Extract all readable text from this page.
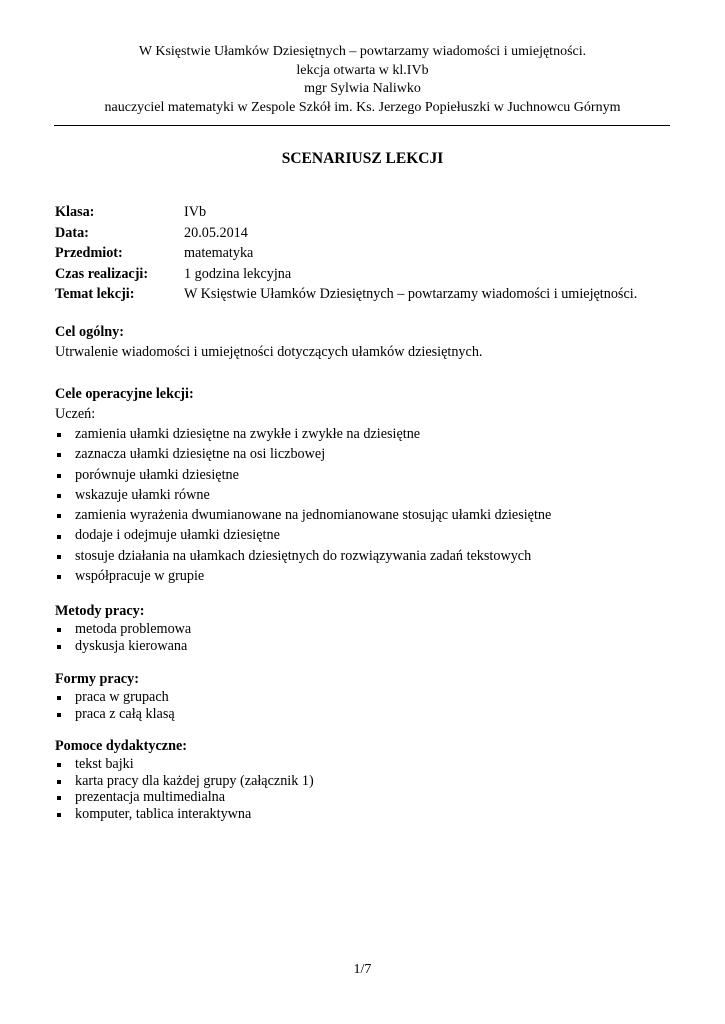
W Księstwie Ułamków Dziesiętnych – powtarzamy wiadomości i umiejętności.
lekcja otwarta w kl.IVb
mgr Sylwia Naliwko
nauczyciel matematyki w Zespole Szkół im. Ks. Jerzego Popiełuszki w Juchnowcu Górnym
SCENARIUSZ LEKCJI
Klasa:	IVb
Data:	20.05.2014
Przedmiot:	matematyka
Czas realizacji:	1 godzina lekcyjna
Temat lekcji:	W Księstwie Ułamków Dziesiętnych – powtarzamy wiadomości i umiejętności.
Cel ogólny:
Utrwalenie wiadomości i umiejętności dotyczących ułamków dziesiętnych.
Cele operacyjne lekcji:
Uczeń:
zamienia ułamki dziesiętne na zwykłe i zwykłe na dziesiętne
zaznacza ułamki dziesiętne na osi liczbowej
porównuje ułamki dziesiętne
wskazuje ułamki równe
zamienia wyrażenia dwumianowane na jednomianowane stosując ułamki dziesiętne
dodaje i odejmuje ułamki dziesiętne
stosuje działania na ułamkach dziesiętnych do rozwiązywania zadań tekstowych
współpracuje w grupie
Metody pracy:
metoda problemowa
dyskusja kierowana
Formy pracy:
praca w grupach
praca z całą klasą
Pomoce dydaktyczne:
tekst bajki
karta pracy dla każdej grupy (załącznik 1)
prezentacja multimedialna
komputer, tablica interaktywna
1/7
